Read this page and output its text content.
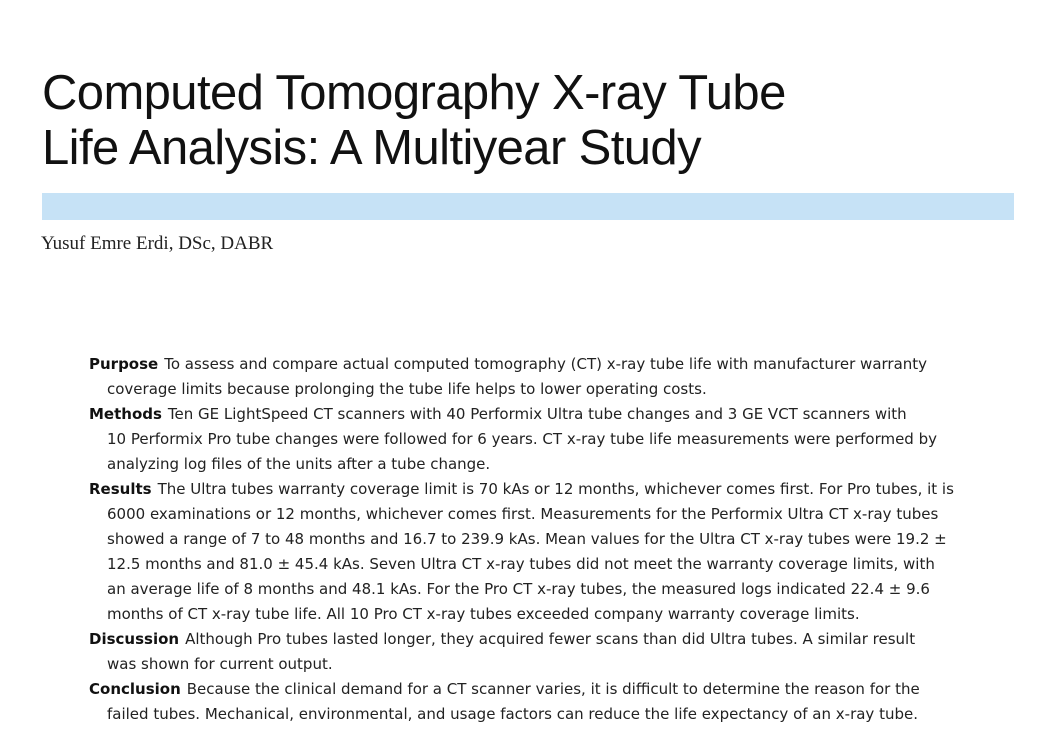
Computed Tomography X-ray Tube
Life Analysis: A Multiyear Study

Yusuf Emre Erdi, DSc, DABR

Purpose To assess and compare actual computed tomography (CT) x-ray tube life with manufacturer warranty
coverage limits because prolonging the tube life helps to lower operating costs.
Methods Ten GE LightSpeed CT scanners with 40 Performix Ultra tube changes and 3 GE VCT scanners with
10 Performix Pro tube changes were followed for 6 years. CT x-ray tube life measurements were performed by
analyzing log files of the units after a tube change.
Results The Ultra tubes warranty coverage limit is 70 kAs or 12 months, whichever comes first. For Pro tubes, it is
6000 examinations or 12 months, whichever comes first. Measurements for the Performix Ultra CT x-ray tubes
showed a range of 7 to 48 months and 16.7 to 239.9 kAs. Mean values for the Ultra CT x-ray tubes were 19.2 ±
12.5 months and 81.0 ± 45.4 kAs. Seven Ultra CT x-ray tubes did not meet the warranty coverage limits, with
an average life of 8 months and 48.1 kAs. For the Pro CT x-ray tubes, the measured logs indicated 22.4 ± 9.6
months of CT x-ray tube life. All 10 Pro CT x-ray tubes exceeded company warranty coverage limits.
Discussion Although Pro tubes lasted longer, they acquired fewer scans than did Ultra tubes. A similar result
was shown for current output.
Conclusion Because the clinical demand for a CT scanner varies, it is difficult to determine the reason for the
failed tubes. Mechanical, environmental, and usage factors can reduce the life expectancy of an x-ray tube.
